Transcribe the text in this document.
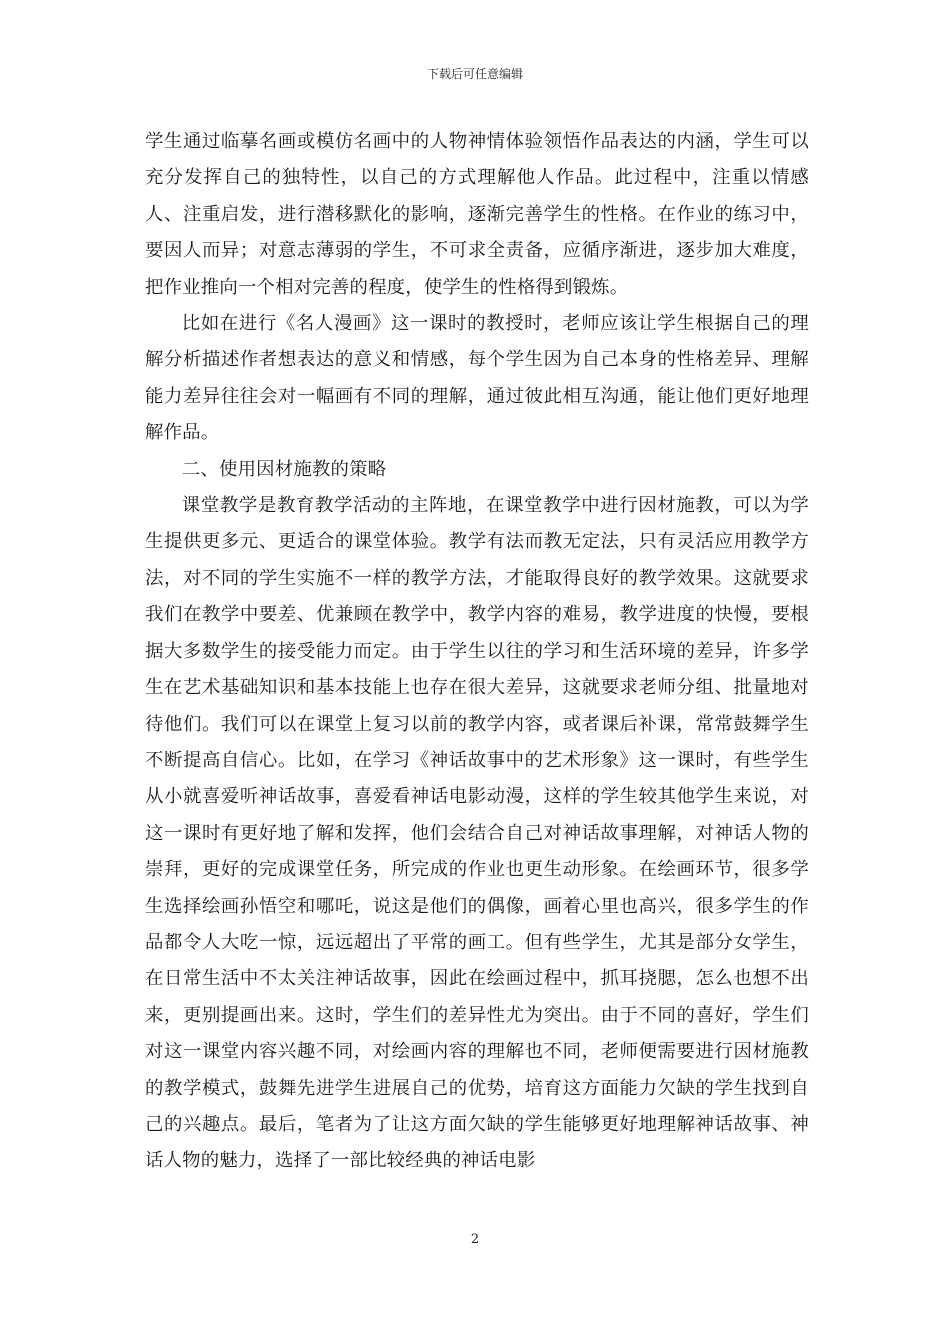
下载后可任意编辑

学生通过临摹名画或模仿名画中的人物神情体验领悟作品表达的内涵，学生可以充分发挥自己的独特性，以自己的方式理解他人作品。此过程中，注重以情感人、注重启发，进行潜移默化的影响，逐渐完善学生的性格。在作业的练习中，要因人而异；对意志薄弱的学生，不可求全责备，应循序渐进，逐步加大难度，把作业推向一个相对完善的程度，使学生的性格得到锻炼。

比如在进行《名人漫画》这一课时的教授时，老师应该让学生根据自己的理解分析描述作者想表达的意义和情感，每个学生因为自己本身的性格差异、理解能力差异往往会对一幅画有不同的理解，通过彼此相互沟通，能让他们更好地理解作品。

二、使用因材施教的策略

课堂教学是教育教学活动的主阵地，在课堂教学中进行因材施教，可以为学生提供更多元、更适合的课堂体验。教学有法而教无定法，只有灵活应用教学方法，对不同的学生实施不一样的教学方法，才能取得良好的教学效果。这就要求我们在教学中要差、优兼顾在教学中，教学内容的难易，教学进度的快慢，要根据大多数学生的接受能力而定。由于学生以往的学习和生活环境的差异，许多学生在艺术基础知识和基本技能上也存在很大差异，这就要求老师分组、批量地对待他们。我们可以在课堂上复习以前的教学内容，或者课后补课，常常鼓舞学生不断提高自信心。比如，在学习《神话故事中的艺术形象》这一课时，有些学生从小就喜爱听神话故事，喜爱看神话电影动漫，这样的学生较其他学生来说，对这一课时有更好地了解和发挥，他们会结合自己对神话故事理解，对神话人物的崇拜，更好的完成课堂任务，所完成的作业也更生动形象。在绘画环节，很多学生选择绘画孙悟空和哪吒，说这是他们的偶像，画着心里也高兴，很多学生的作品都令人大吃一惊，远远超出了平常的画工。但有些学生，尤其是部分女学生，在日常生活中不太关注神话故事，因此在绘画过程中，抓耳挠腮，怎么也想不出来，更别提画出来。这时，学生们的差异性尤为突出。由于不同的喜好，学生们对这一课堂内容兴趣不同，对绘画内容的理解也不同，老师便需要进行因材施教的教学模式，鼓舞先进学生进展自己的优势，培育这方面能力欠缺的学生找到自己的兴趣点。最后，笔者为了让这方面欠缺的学生能够更好地理解神话故事、神话人物的魅力，选择了一部比较经典的神话电影

2
